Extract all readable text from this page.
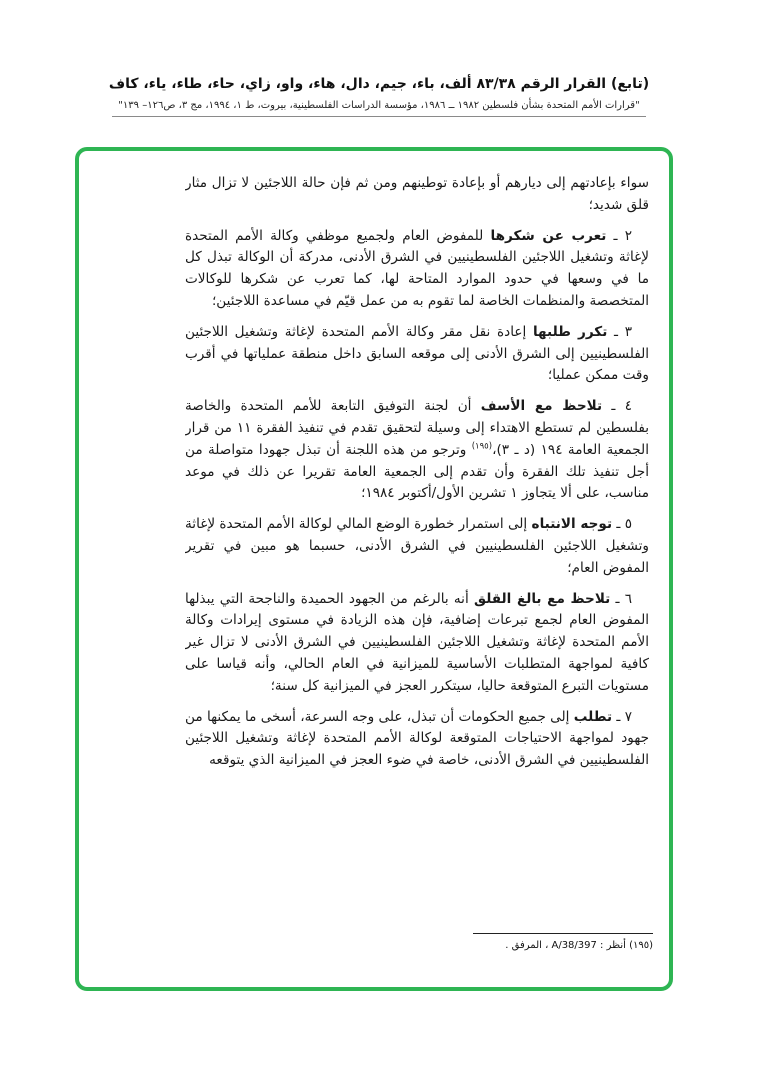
(تابع) القرار الرقم ٨٣/٣٨ ألف، باء، جيم، دال، هاء، واو، زاي، حاء، طاء، ياء، كاف
"قرارات الأمم المتحدة بشأن فلسطين ١٩٨٢ ــ ١٩٨٦، مؤسسة الدراسات الفلسطينية، بيروت، ط ١، ١٩٩٤، مج ٣، ص١٢٦– ١٣٩"

سواء بإعادتهم إلى ديارهم أو بإعادة توطينهم ومن ثم فإن حالة اللاجئين لا تزال مثار قلق شديد؛

٢ ـ تعرب عن شكرها للمفوض العام ولجميع موظفي وكالة الأمم المتحدة لإغاثة وتشغيل اللاجئين الفلسطينيين في الشرق الأدنى، مدركة أن الوكالة تبذل كل ما في وسعها في حدود الموارد المتاحة لها، كما تعرب عن شكرها للوكالات المتخصصة والمنظمات الخاصة لما تقوم به من عمل قيّم في مساعدة اللاجئين؛

٣ ـ تكرر طلبها إعادة نقل مقر وكالة الأمم المتحدة لإغاثة وتشغيل اللاجئين الفلسطينيين إلى الشرق الأدنى إلى موقعه السابق داخل منطقة عملياتها في أقرب وقت ممكن عمليا؛

٤ ـ تلاحظ مع الأسف أن لجنة التوفيق التابعة للأمم المتحدة والخاصة بفلسطين لم تستطع الاهتداء إلى وسيلة لتحقيق تقدم في تنفيذ الفقرة ١١ من قرار الجمعية العامة ١٩٤ (د ـ ٣)،$^{(١٩٥)}$ وترجو من هذه اللجنة أن تبذل جهودا متواصلة من أجل تنفيذ تلك الفقرة وأن تقدم إلى الجمعية العامة تقريرا عن ذلك في موعد مناسب، على ألا يتجاوز ١ تشرين الأول/أكتوبر ١٩٨٤؛

٥ ـ توجه الانتباه إلى استمرار خطورة الوضع المالي لوكالة الأمم المتحدة لإغاثة وتشغيل اللاجئين الفلسطينيين في الشرق الأدنى، حسبما هو مبين في تقرير المفوض العام؛

٦ ـ تلاحظ مع بالغ القلق أنه بالرغم من الجهود الحميدة والناجحة التي يبذلها المفوض العام لجمع تبرعات إضافية، فإن هذه الزيادة في مستوى إيرادات وكالة الأمم المتحدة لإغاثة وتشغيل اللاجئين الفلسطينيين في الشرق الأدنى لا تزال غير كافية لمواجهة المتطلبات الأساسية للميزانية في العام الحالي، وأنه قياسا على مستويات التبرع المتوقعة حاليا، سيتكرر العجز في الميزانية كل سنة؛

٧ ـ تطلب إلى جميع الحكومات أن تبذل، على وجه السرعة، أسخى ما يمكنها من جهود لمواجهة الاحتياجات المتوقعة لوكالة الأمم المتحدة لإغاثة وتشغيل اللاجئين الفلسطينيين في الشرق الأدنى، خاصة في ضوء العجز في الميزانية الذي يتوقعه

(١٩٥) أنظر : A/38/397 ، المرفق .
